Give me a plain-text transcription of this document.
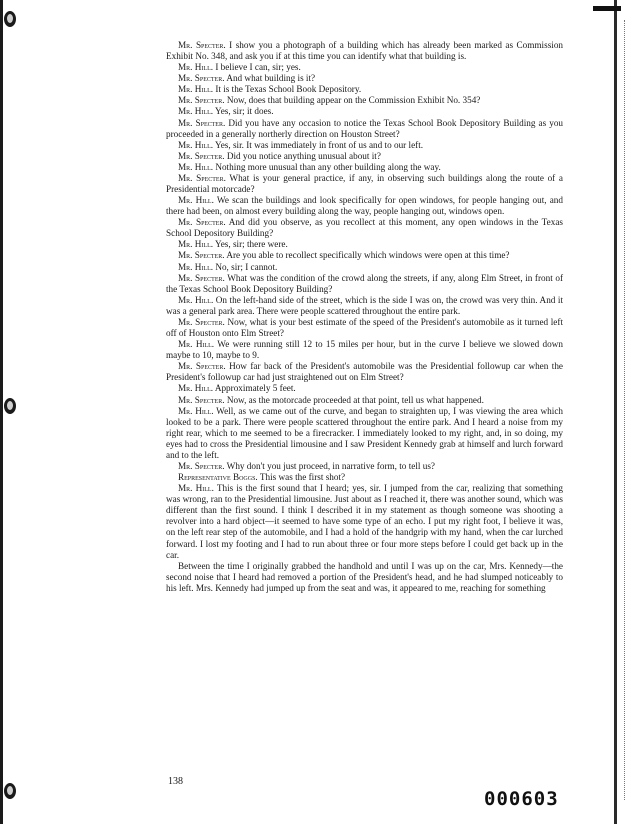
Mr. Specter. I show you a photograph of a building which has already been marked as Commission Exhibit No. 348, and ask you if at this time you can identify what that building is.

Mr. Hill. I believe I can, sir; yes.

Mr. Specter. And what building is it?

Mr. Hill. It is the Texas School Book Depository.

Mr. Specter. Now, does that building appear on the Commission Exhibit No. 354?

Mr. Hill. Yes, sir; it does.

Mr. Specter. Did you have any occasion to notice the Texas School Book Depository Building as you proceeded in a generally northerly direction on Houston Street?

Mr. Hill. Yes, sir. It was immediately in front of us and to our left.

Mr. Specter. Did you notice anything unusual about it?

Mr. Hill. Nothing more unusual than any other building along the way.

Mr. Specter. What is your general practice, if any, in observing such buildings along the route of a Presidential motorcade?

Mr. Hill. We scan the buildings and look specifically for open windows, for people hanging out, and there had been, on almost every building along the way, people hanging out, windows open.

Mr. Specter. And did you observe, as you recollect at this moment, any open windows in the Texas School Depository Building?

Mr. Hill. Yes, sir; there were.

Mr. Specter. Are you able to recollect specifically which windows were open at this time?

Mr. Hill. No, sir; I cannot.

Mr. Specter. What was the condition of the crowd along the streets, if any, along Elm Street, in front of the Texas School Book Depository Building?

Mr. Hill. On the left-hand side of the street, which is the side I was on, the crowd was very thin. And it was a general park area. There were people scattered throughout the entire park.

Mr. Specter. Now, what is your best estimate of the speed of the President's automobile as it turned left off of Houston onto Elm Street?

Mr. Hill. We were running still 12 to 15 miles per hour, but in the curve I believe we slowed down maybe to 10, maybe to 9.

Mr. Specter. How far back of the President's automobile was the Presidential followup car when the President's followup car had just straightened out on Elm Street?

Mr. Hill. Approximately 5 feet.

Mr. Specter. Now, as the motorcade proceeded at that point, tell us what happened.

Mr. Hill. Well, as we came out of the curve, and began to straighten up, I was viewing the area which looked to be a park. There were people scattered throughout the entire park. And I heard a noise from my right rear, which to me seemed to be a firecracker. I immediately looked to my right, and, in so doing, my eyes had to cross the Presidential limousine and I saw President Kennedy grab at himself and lurch forward and to the left.

Mr. Specter. Why don't you just proceed, in narrative form, to tell us?

Representative Boggs. This was the first shot?

Mr. Hill. This is the first sound that I heard; yes, sir. I jumped from the car, realizing that something was wrong, ran to the Presidential limousine. Just about as I reached it, there was another sound, which was different than the first sound. I think I described it in my statement as though someone was shooting a revolver into a hard object—it seemed to have some type of an echo. I put my right foot, I believe it was, on the left rear step of the automobile, and I had a hold of the handgrip with my hand, when the car lurched forward. I lost my footing and I had to run about three or four more steps before I could get back up in the car.

Between the time I originally grabbed the handhold and until I was up on the car, Mrs. Kennedy—the second noise that I heard had removed a portion of the President's head, and he had slumped noticeably to his left. Mrs. Kennedy had jumped up from the seat and was, it appeared to me, reaching for something

138
000603
